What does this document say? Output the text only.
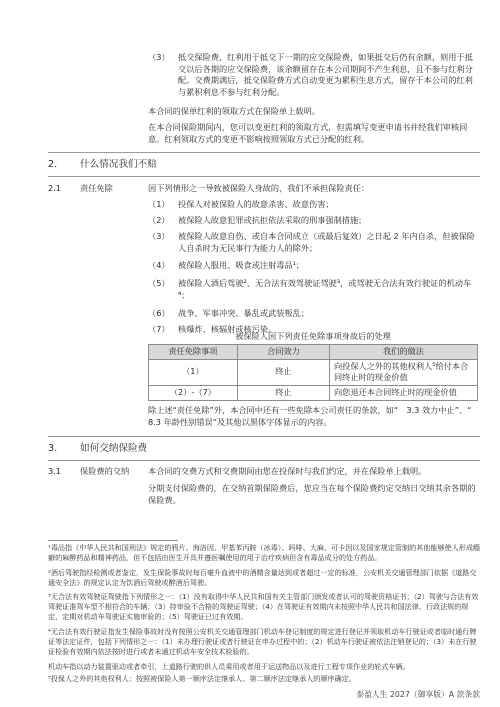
（3） 抵交保险费，红利用于抵交下一期的应交保险费，如果抵交后仍有余额，则用于抵交以后各期的应交保险费，该余额留存在本公司期间不产生利息，且不参与红利分配。交费期满后，抵交保险费方式自动变更为累积生息方式，留存于本公司的红利与累积利息不参与红利分配。
本合同的保单红利的领取方式在保险单上载明。
在本合同保险期间内，您可以变更红利的领取方式，但需填写变更申请书并经我们审核同意。红利领取方式的变更不影响按照领取方式已分配的红利。
2. 什么情况我们不赔
2.1 责任免除	因下列情形之一导致被保险人身故的，我们不承担保险责任：
（1） 投保人对被保险人的故意杀害、故意伤害；
（2） 被保险人故意犯罪或抗拒依法采取的刑事强制措施；
（3） 被保险人故意自伤、或自本合同成立（或最后复效）之日起 2 年内自杀，但被保险人自杀时为无民事行为能力人的除外；
（4） 被保险人服用、吸食或注射毒品¹；
（5） 被保险人酒后驾驶²、无合法有效驾驶证驾驶³，或驾驶无合法有效行驶证的机动车⁴；
（6） 战争、军事冲突、暴乱或武装叛乱；
（7） 核爆炸、核辐射或核污染。
被保险人因下列责任免除事项身故后的处理
责任免除事项	合同效力	我们的做法
（1）	终止	向投保人之外的其他权利人⁵给付本合同终止时的现金价值
（2）-（7）	终止	向您退还本合同终止时的现金价值
除上述“责任免除”外，本合同中还有一些免除本公司责任的条款，如“　3.3 效力中止”、“　8.3 年龄性别错误”及其他以黑体字体显示的内容。
3. 如何交纳保险费
3.1 保险费的交纳 本合同的交费方式和交费期间由您在投保时与我们约定，并在保险单上载明。
分期支付保险费的，在交纳首期保险费后，您应当在每个保险费约定交纳日交纳其余各期的保险费。
¹毒品指《中华人民共和国刑法》规定的鸦片、海洛因、甲基苯丙胺（冰毒）、吗啡、大麻、可卡因以及国家规定管制的其他能够使人形成瘾癖的麻醉药品和精神药品，但不包括由医生开具并遵医嘱使用的用于治疗疾病但含有毒品成分的处方药品。
²酒后驾驶指经检测或者鉴定，发生保险事故时每百毫升血液中的酒精含量达到或者超过一定的标准，公安机关交通管理部门依据《道路交通安全法》的规定认定为饮酒后驾驶或醉酒后驾驶。
³无合法有效驾驶证驾驶指下列情形之一：（1）没有取得中华人民共和国有关主管部门颁发或者认可的驾驶资格证书；（2）驾驶与合法有效驾驶证准驾车型不相符合的车辆；（3）持审验不合格的驾驶证驾驶；（4）在驾驶证有效期内未按照中华人民共和国法律、行政法规的规定，定期对机动车驾驶证实施审验的；（5）驾驶证已过有效期。
⁴无合法有效行驶证指发生保险事故时没有按照公安机关交通管理部门机动车登记制度的规定进行登记并领取机动车行驶证或者临时通行牌证等法定证件，包括下列情形之一：（1）未办理行驶证或者行驶证在申办过程中的；（2）机动车行驶证被依法注销登记的；（3）未在行驶证检验有效期内依法按时进行或者未通过机动车安全技术检验的。
机动车指以动力装置驱动或者牵引，上道路行驶的供人员乘用或者用于运送物品以及进行工程专项作业的轮式车辆。
⁵投保人之外的其他权利人：按照被保险人第一顺序法定继承人、第二顺序法定继承人的顺序确定。
泰盈人生 2027（御享版）A 款条款
